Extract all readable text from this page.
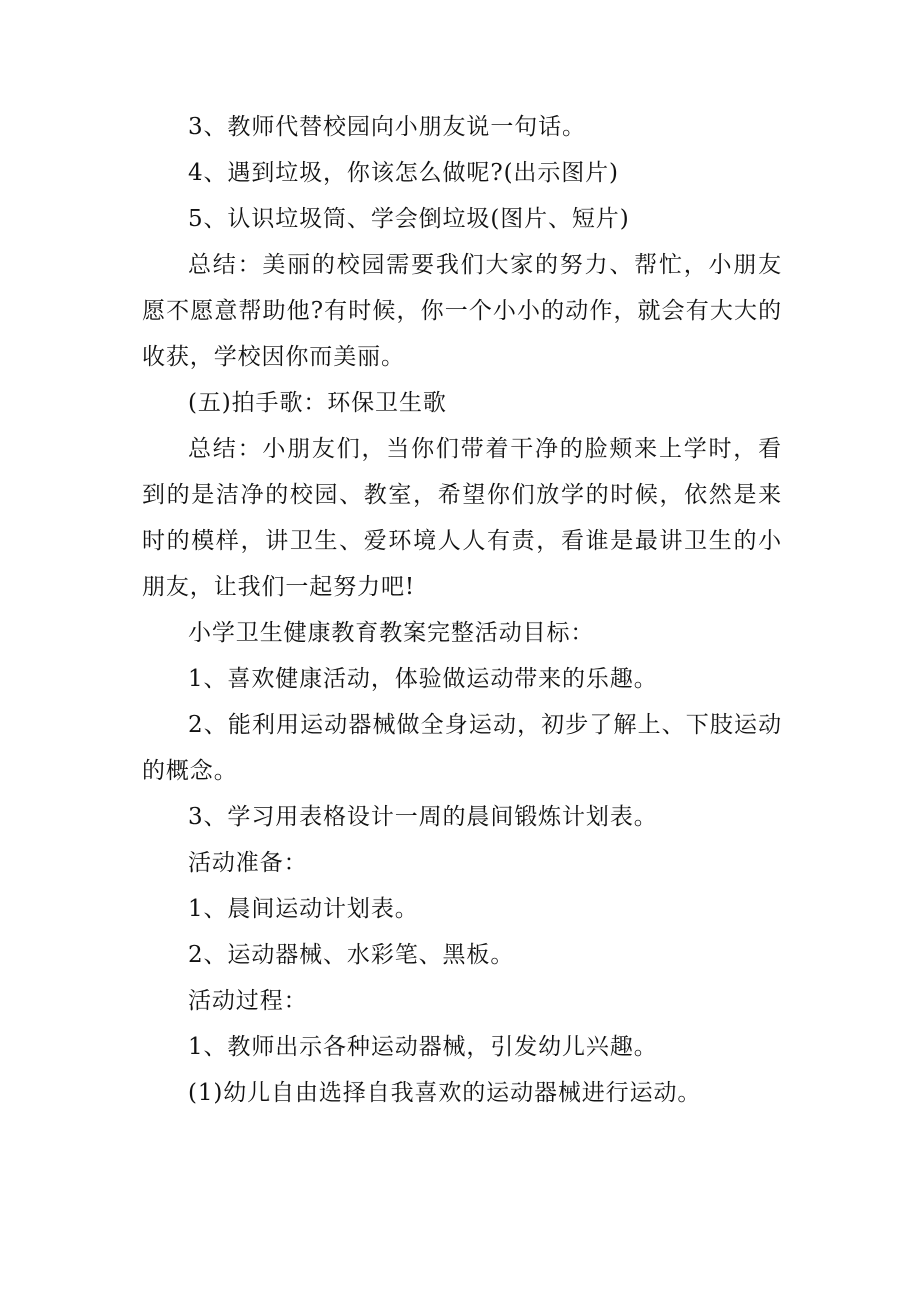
3、教师代替校园向小朋友说一句话。

4、遇到垃圾，你该怎么做呢?(出示图片)

5、认识垃圾筒、学会倒垃圾(图片、短片)

总结：美丽的校园需要我们大家的努力、帮忙，小朋友愿不愿意帮助他?有时候，你一个小小的动作，就会有大大的收获，学校因你而美丽。

(五)拍手歌：环保卫生歌

总结：小朋友们，当你们带着干净的脸颊来上学时，看到的是洁净的校园、教室，希望你们放学的时候，依然是来时的模样，讲卫生、爱环境人人有责，看谁是最讲卫生的小朋友，让我们一起努力吧!

小学卫生健康教育教案完整活动目标：

1、喜欢健康活动，体验做运动带来的乐趣。

2、能利用运动器械做全身运动，初步了解上、下肢运动的概念。

3、学习用表格设计一周的晨间锻炼计划表。

活动准备：

1、晨间运动计划表。

2、运动器械、水彩笔、黑板。

活动过程：

1、教师出示各种运动器械，引发幼儿兴趣。

(1)幼儿自由选择自我喜欢的运动器械进行运动。
